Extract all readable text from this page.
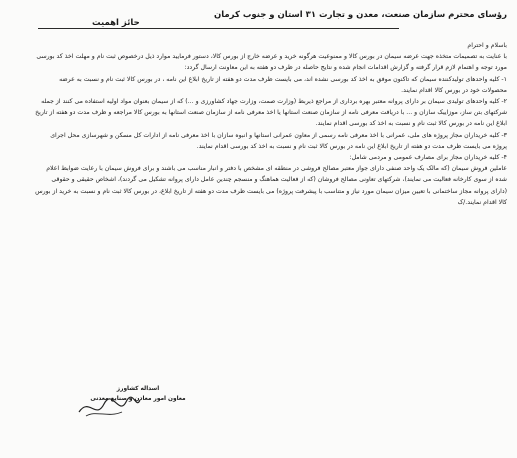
رؤسای محترم سازمان صنعت، معدن و تجارت ۳۱ استان و جنوب کرمان
حائز اهمیت

باسلام و احترام

با عنایت به تصمیمات متخذه جهت عرضه سیمان در بورس کالا و ممنوعیت هرگونه خرید و عرضه خارج از بورس کالا، دستور فرمایید موارد ذیل درخصوص ثبت نام و مهلت اخذ کد بورسی مورد توجه و اهتمام لازم قرار گرفته و گزارش اقدامات انجام شده و نتایج حاصله در ظرف دو هفته به این معاونت ارسال گردد:

۱- کلیه واحدهای تولیدکننده سیمان که تاکنون موفق به اخذ کد بورسی نشده اند، می بایست ظرف مدت دو هفته از تاریخ ابلاغ این نامه ، در بورس کالا ثبت نام و نسبت به عرضه محصولات خود در بورس کالا اقدام نمایند.

۲- کلیه واحدهای تولیدی سیمان بر دارای پروانه معتبر بهره برداری از مراجع ذیربط (وزارت صمت، وزارت جهاد کشاورزی و ...) که از سیمان بعنوان مواد اولیه استفاده می کنند از جمله شرکتهای بتن ساز، موزاییک سازان و ... با دریافت معرفی نامه از سازمان صنعت استانها یا اخذ معرفی نامه از سازمان صنعت استانها به بورس کالا مراجعه و ظرف مدت دو هفته از تاریخ ابلاغ این نامه در بورس کالا ثبت نام و نسبت به اخذ کد بورسی اقدام نمایند.

۳- کلیه خریداران مجاز پروژه های ملی، عمرانی با اخذ معرفی نامه رسمی از معاون عمرانی استانها و انبوه سازان با اخذ معرفی نامه از ادارات کل مسکن و شهرسازی محل اجرای پروژه می بایست ظرف مدت دو هفته از تاریخ ابلاغ این نامه در بورس کالا ثبت نام و نسبت به اخذ کد بورسی اقدام نمایند.

۴- کلیه خریداران مجاز برای مصارف عمومی و مردمی شامل:

عاملین فروش سیمان (که مالک یک واحد صنفی دارای جواز معتبر مصالح فروشی در منطقه ای مشخص با دفتر و انبار مناسب می باشند و برای فروش سیمان با رعایت ضوابط اعلام شده از سوی کارخانه فعالیت می نمایند)، شرکتهای تعاونی مصالح فروشان (که از فعالیت هماهنگ و منسجم چندین عامل دارای پروانه تشکیل می گردند)، اشخاص حقیقی و حقوقی (دارای پروانه مجاز ساختمانی با تعیین میزان سیمان مورد نیاز و متناسب با پیشرفت پروژه) می بایست ظرف مدت دو هفته از تاریخ ابلاغ، در بورس کالا ثبت نام و نسبت به خرید از بورس کالا اقدام نمایند./ک

اسداله کشاورز
معاون امور معادن و صنایع معدنی
